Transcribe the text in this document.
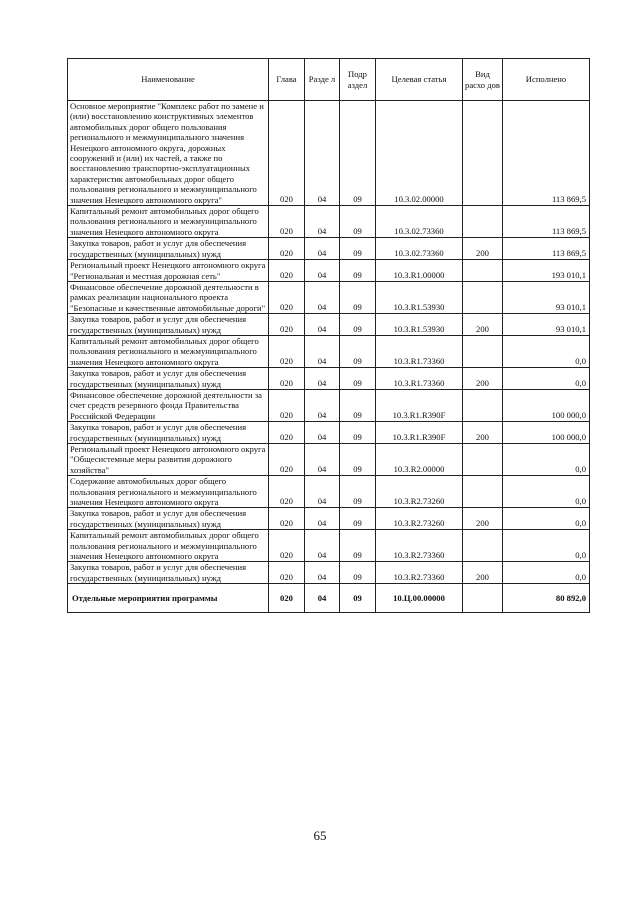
Наименование	Глава	Разде л	Подр аздел	Целевая статья	Вид расхо дов	Исполнено
Основное мероприятие "Комплекс работ по замене и (или) восстановлению конструктивных элементов автомобильных дорог общего пользования регионального и межмуниципального значения Ненецкого автономного округа, дорожных сооружений и (или) их частей, а также по восстановлению транспортно-эксплуатационных характеристик автомобильных дорог общего пользования регионального и межмуниципального значения Ненецкого автономного округа"	020	04	09	10.3.02.00000		113 869,5
Капитальный ремонт автомобильных дорог общего пользования регионального и межмуниципального значения Ненецкого автономного округа	020	04	09	10.3.02.73360		113 869,5
Закупка товаров, работ и услуг для обеспечения государственных (муниципальных) нужд	020	04	09	10.3.02.73360	200	113 869,5
Региональный проект Ненецкого автономного округа "Региональная и местная дорожная сеть"	020	04	09	10.3.R1.00000		193 010,1
Финансовое обеспечение дорожной деятельности в рамках реализации национального проекта "Безопасные и качественные автомобильные дороги"	020	04	09	10.3.R1.53930		93 010,1
Закупка товаров, работ и услуг для обеспечения государственных (муниципальных) нужд	020	04	09	10.3.R1.53930	200	93 010,1
Капитальный ремонт автомобильных дорог общего пользования регионального и межмуниципального значения Ненецкого автономного округа	020	04	09	10.3.R1.73360		0,0
Закупка товаров, работ и услуг для обеспечения государственных (муниципальных) нужд	020	04	09	10.3.R1.73360	200	0,0
Финансовое обеспечение дорожной деятельности за счет средств резервного фонда Правительства Российской Федерации	020	04	09	10.3.R1.R390F		100 000,0
Закупка товаров, работ и услуг для обеспечения государственных (муниципальных) нужд	020	04	09	10.3.R1.R390F	200	100 000,0
Региональный проект Ненецкого автономного округа "Общесистемные меры развития дорожного хозяйства"	020	04	09	10.3.R2.00000		0,0
Содержание автомобильных дорог общего пользования регионального и межмуниципального значения Ненецкого автономного округа	020	04	09	10.3.R2.73260		0,0
Закупка товаров, работ и услуг для обеспечения государственных (муниципальных) нужд	020	04	09	10.3.R2.73260	200	0,0
Капитальный ремонт автомобильных дорог общего пользования регионального и межмуниципального значения Ненецкого автономного округа	020	04	09	10.3.R2.73360		0,0
Закупка товаров, работ и услуг для обеспечения государственных (муниципальных) нужд	020	04	09	10.3.R2.73360	200	0,0
Отдельные мероприятия программы	020	04	09	10.Ц.00.00000		80 892,0
65
